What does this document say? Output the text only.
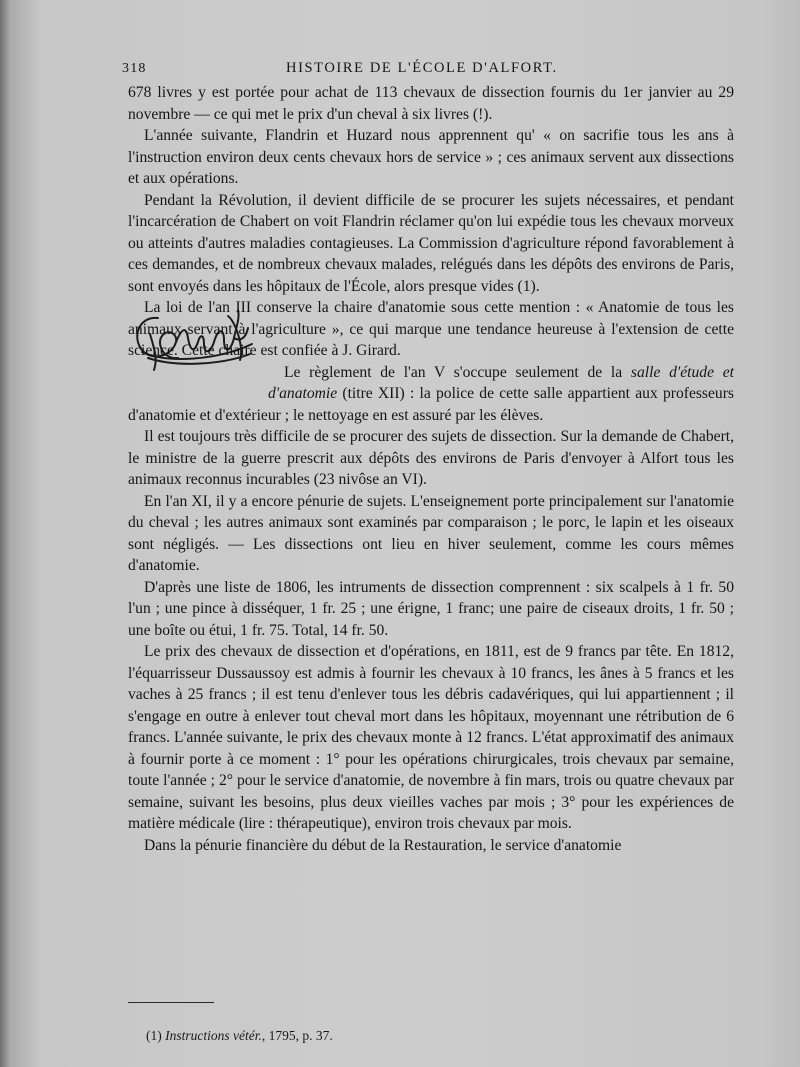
318	HISTOIRE DE L'ÉCOLE D'ALFORT.

678 livres y est portée pour achat de 113 chevaux de dissection fournis du 1er janvier au 29 novembre — ce qui met le prix d'un cheval à six livres (!).

L'année suivante, Flandrin et Huzard nous apprennent qu' « on sacrifie tous les ans à l'instruction environ deux cents chevaux hors de service » ; ces animaux servent aux dissections et aux opérations.

Pendant la Révolution, il devient difficile de se procurer les sujets nécessaires, et pendant l'incarcération de Chabert on voit Flandrin réclamer qu'on lui expédie tous les chevaux morveux ou atteints d'autres maladies contagieuses. La Commission d'agriculture répond favorablement à ces demandes, et de nombreux chevaux malades, relégués dans les dépôts des environs de Paris, sont envoyés dans les hôpitaux de l'École, alors presque vides (1).

La loi de l'an III conserve la chaire d'anatomie sous cette mention : « Anatomie de tous les animaux servant à l'agriculture », ce qui marque une tendance heureuse à l'extension de cette science. Cette chaire est confiée à J. Girard.

Le règlement de l'an V s'occupe seulement de la salle d'étude et d'anatomie (titre XII) : la police de cette salle appartient aux professeurs d'anatomie et d'extérieur ; le nettoyage en est assuré par les élèves.

Il est toujours très difficile de se procurer des sujets de dissection. Sur la demande de Chabert, le ministre de la guerre prescrit aux dépôts des environs de Paris d'envoyer à Alfort tous les animaux reconnus incurables (23 nivôse an VI).

En l'an XI, il y a encore pénurie de sujets. L'enseignement porte principalement sur l'anatomie du cheval ; les autres animaux sont examinés par comparaison ; le porc, le lapin et les oiseaux sont négligés. — Les dissections ont lieu en hiver seulement, comme les cours mêmes d'anatomie.

D'après une liste de 1806, les intruments de dissection comprennent : six scalpels à 1 fr. 50 l'un ; une pince à disséquer, 1 fr. 25 ; une érigne, 1 franc; une paire de ciseaux droits, 1 fr. 50 ; une boîte ou étui, 1 fr. 75. Total, 14 fr. 50.

Le prix des chevaux de dissection et d'opérations, en 1811, est de 9 francs par tête. En 1812, l'équarrisseur Dussaussoy est admis à fournir les chevaux à 10 francs, les ânes à 5 francs et les vaches à 25 francs ; il est tenu d'enlever tous les débris cadavériques, qui lui appartiennent ; il s'engage en outre à enlever tout cheval mort dans les hôpitaux, moyennant une rétribution de 6 francs. L'année suivante, le prix des chevaux monte à 12 francs. L'état approximatif des animaux à fournir porte à ce moment : 1° pour les opérations chirurgicales, trois chevaux par semaine, toute l'année ; 2° pour le service d'anatomie, de novembre à fin mars, trois ou quatre chevaux par semaine, suivant les besoins, plus deux vieilles vaches par mois ; 3° pour les expériences de matière médicale (lire : thérapeutique), environ trois chevaux par mois.

Dans la pénurie financière du début de la Restauration, le service d'anatomie

(1) Instructions vétér., 1795, p. 37.
